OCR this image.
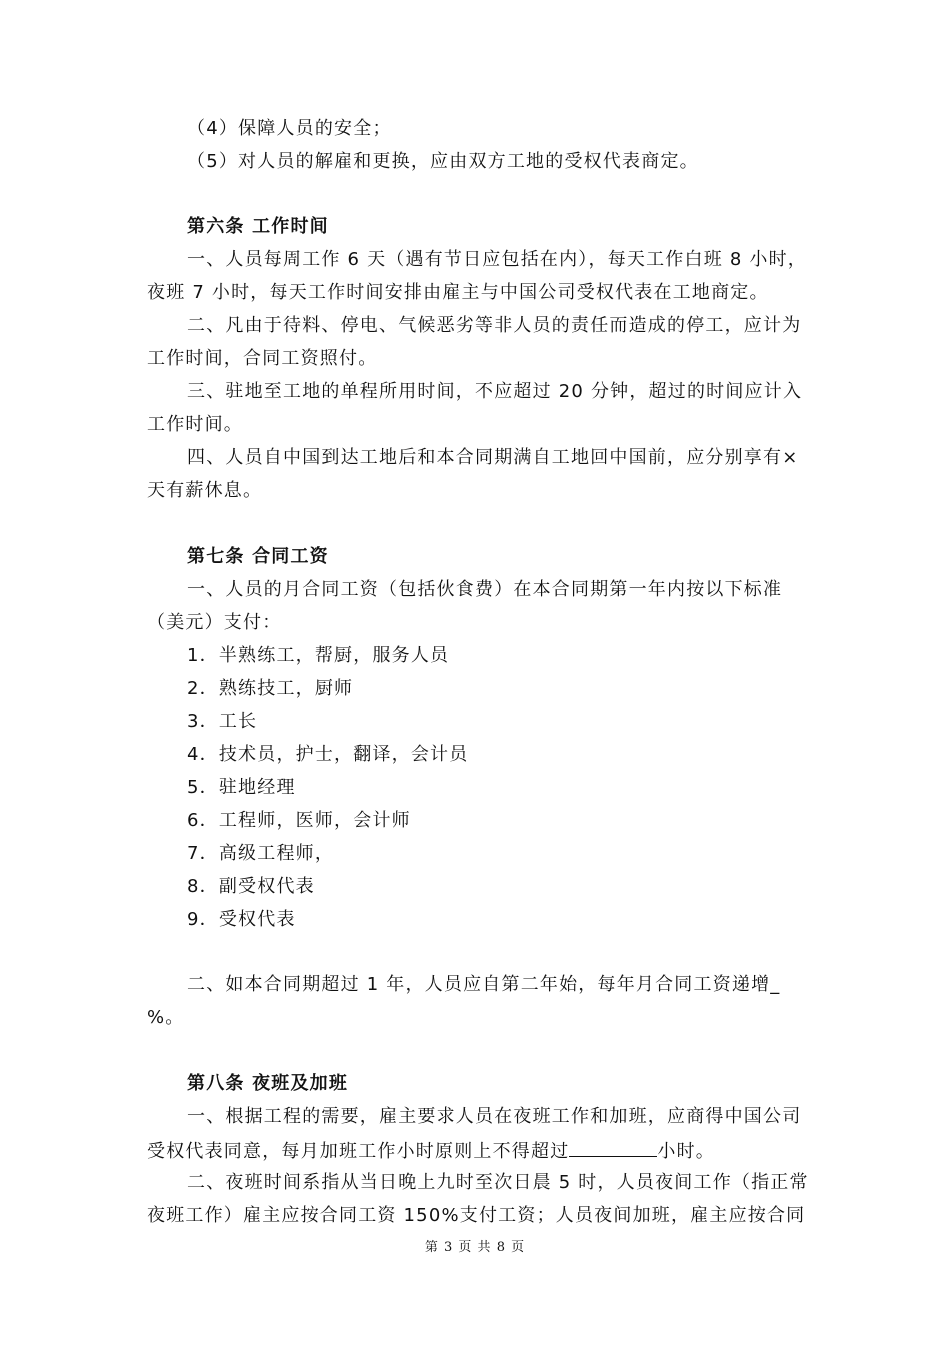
（4）保障人员的安全；
（5）对人员的解雇和更换，应由双方工地的受权代表商定。
第六条 工作时间
一、人员每周工作 6 天（遇有节日应包括在内），每天工作白班 8 小时，
夜班 7 小时，每天工作时间安排由雇主与中国公司受权代表在工地商定。
二、凡由于待料、停电、气候恶劣等非人员的责任而造成的停工，应计为
工作时间，合同工资照付。
三、驻地至工地的单程所用时间，不应超过 20 分钟，超过的时间应计入
工作时间。
四、人员自中国到达工地后和本合同期满自工地回中国前，应分别享有×
天有薪休息。
第七条 合同工资
一、人员的月合同工资（包括伙食费）在本合同期第一年内按以下标准
（美元）支付：
1．半熟练工，帮厨，服务人员
2．熟练技工，厨师
3．工长
4．技术员，护士，翻译，会计员
5．驻地经理
6．工程师，医师，会计师
7．高级工程师，
8．副受权代表
9．受权代表
二、如本合同期超过 1 年，人员应自第二年始，每年月合同工资递增_
%。
第八条 夜班及加班
一、根据工程的需要，雇主要求人员在夜班工作和加班，应商得中国公司
受权代表同意，每月加班工作小时原则上不得超过	小时。
二、夜班时间系指从当日晚上九时至次日晨 5 时，人员夜间工作（指正常
夜班工作）雇主应按合同工资 150%支付工资；人员夜间加班，雇主应按合同
第 3 页 共 8 页
